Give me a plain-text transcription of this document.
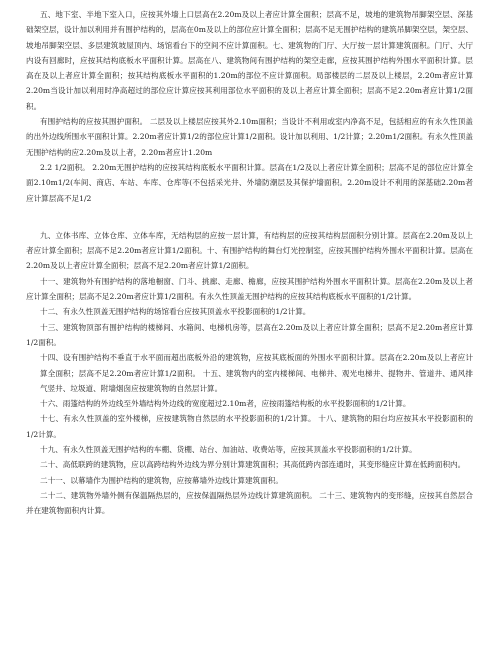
五、地下室、半地下室入口，应按其外墙上口层高在2.20m及以上者应计算全面积；层高不足，坡地的建筑物吊脚架空层、深基础架空层，设计加以利用并有围护结构的，层高在0m及以上的部位应计算全面积；层高不足无围护结构的建筑吊脚架空层，架空层、坡地吊脚架空层、多层建筑坡屋顶内、场馆看台下的空间不应计算面积。七、建筑物的门厅、大厅按一层计算建筑面积。门厅、大厅内设有回廊时，应按其结构底板水平面积计算。层高在八、建筑物间有围护结构的架空走廊，应按其围护结构外围水平面积计算。层高在及以上者应计算全面积；按其结构底板水平面积的1.20m的部位不应计算面积。局部楼层的二层及以上楼层，2.20m者应计算2.20m当设计加以利用时净高超过的部位应计算应按其利用部位水平面积的及以上者应计算全面积；层高不足2.20m者应计算1/2面积。

有围护结构的应按其围护面积。 二层及以上楼层应按其外2.10m面积；当设计不利用或室内净高不足，包括相应的有永久性顶盖的出外边线所围水平面积计算。2.20m者应计算1/2的部位应计算1/2面积。设计加以利用、1/2计算；2.20m1/2面积。有永久性顶盖无围护结构的应2.20m及以上者，2.20m者应计1.20m

2.2 1/2面积。 2.20m无围护结构的应按其结构底板水平面积计算。层高在1/2及以上者应计算全面积；层高不足的部位应计算全面2.10m1/2(车间、商店、车站、车库、仓库等(不包括采光井、外墙防潮层及其保护墙面积。2.20m设计不利用的深基础2.20m者应计算层高不足1/2

九、立体书库、立体仓库、立体车库，无结构层的应按一层计算，有结构层的应按其结构层面积分别计算。层高在2.20m及以上者应计算全面积；层高不足2.20m者应计算1/2面积。十、有围护结构的舞台灯光控制室，应按其围护结构外围水平面积计算。层高在2.20m及以上者应计算全面积；层高不足2.20m者应计算1/2面积。

十一、建筑物外有围护结构的落地橱窗、门斗、挑廊、走廊、檐廊，应按其围护结构外围水平面积计算。层高在2.20m及以上者应计算全面积；层高不足2.20m者应计算1/2面积。有永久性顶盖无围护结构的应按其结构底板水平面积的1/2计算。

十二、有永久性顶盖无围护结构的场馆看台应按其顶盖水平投影面积的1/2计算。

十三、建筑物顶部有围护结构的楼梯间、水箱间、电梯机房等，层高在2.20m及以上者应计算全面积；层高不足2.20m者应计算1/2面积。

十四、设有围护结构不垂直于水平面而超出底板外沿的建筑物，应按其底板面的外围水平面积计算。层高在2.20m及以上者应计算全面积；层高不足2.20m者应计算1/2面积。 十五、建筑物内的室内楼梯间、电梯井、观光电梯井、提物井、管道井、通风排气竖井、垃圾道、附墙烟囱应按建筑物的自然层计算。

十六、雨篷结构的外边线至外墙结构外边线的宽度超过2.10m者，应按雨篷结构板的水平投影面积的1/2计算。

十七、有永久性顶盖的室外楼梯，应按建筑物自然层的水平投影面积的1/2计算。 十八、建筑物的阳台均应按其水平投影面积的1/2计算。

十九、有永久性顶盖无围护结构的车棚、货棚、站台、加油站、收费站等，应按其顶盖水平投影面积的1/2计算。

二十、高低联跨的建筑物，应以高跨结构外边线为界分别计算建筑面积；其高低跨内部连通时，其变形缝应计算在低跨面积内。

二十一、以幕墙作为围护结构的建筑物，应按幕墙外边线计算建筑面积。

二十二、建筑物外墙外侧有保温隔热层的，应按保温隔热层外边线计算建筑面积。 二十三、建筑物内的变形缝，应按其自然层合并在建筑物面积内计算。
